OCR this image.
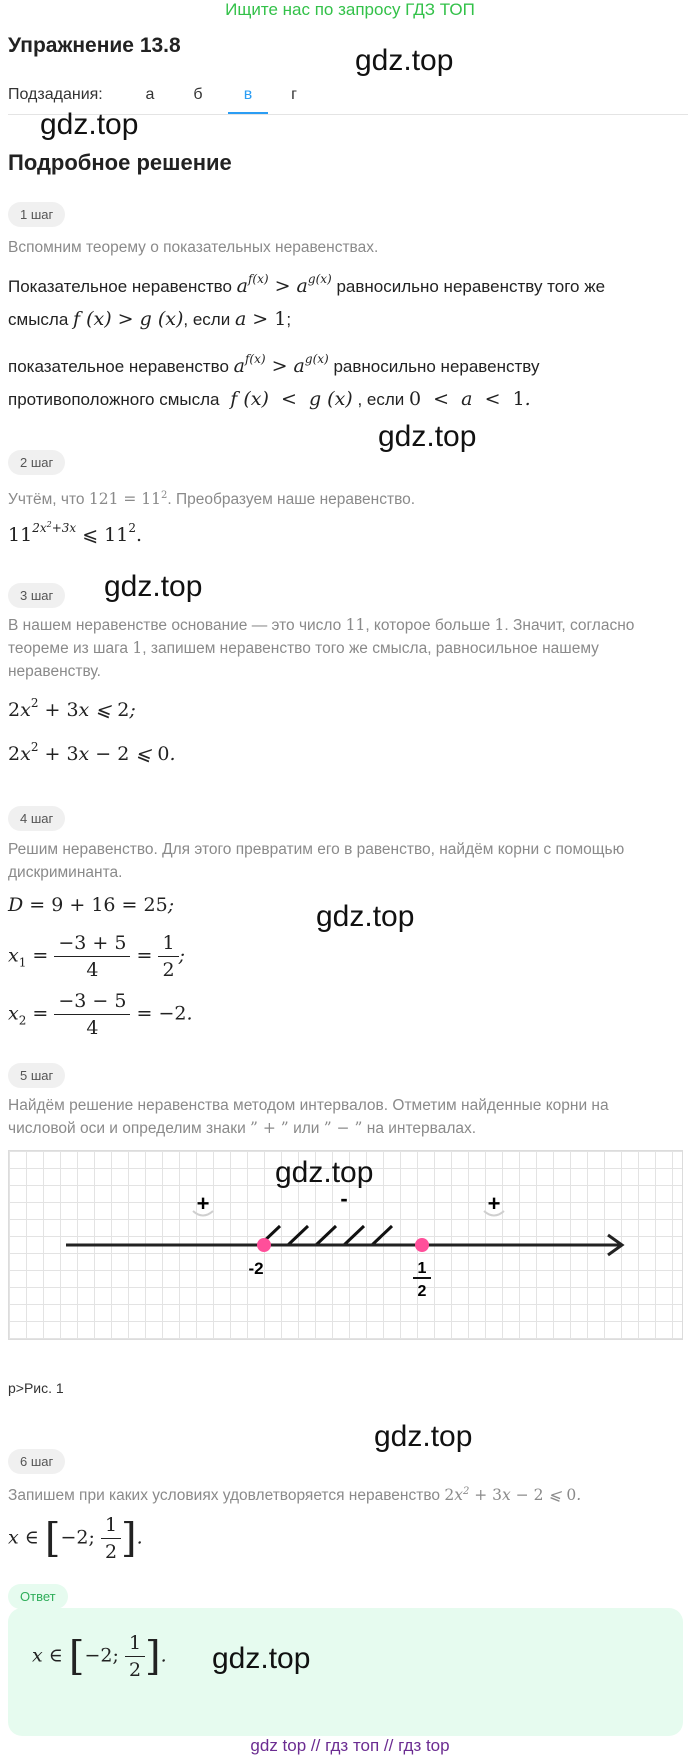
Ищите нас по запросу ГДЗ ТОП
Упражнение 13.8	gdz.top
Подзадания:	а	б	в	г
gdz.top
Подробное решение
1 шаг
Вспомним теорему о показательных неравенствах.
Показательное неравенство $a^{f(x)} > a^{g(x)}$ равносильно неравенству того же
смысла f (x) > g (x), если a > 1;
показательное неравенство $a^{f(x)} > a^{g(x)}$ равносильно неравенству
противоположного смысла  f (x)  <  g (x) , если 0  <  a  <  1.
gdz.top
2 шаг
Учтём, что $121 = 11^2$. Преобразуем наше неравенство.
$11^{2x^2+3x}$ ⩽ $11^2$.
3 шаг	gdz.top
В нашем неравенстве основание — это число 11, которое больше 1. Значит, согласно теореме из шага 1, запишем неравенство того же смысла, равносильное нашему неравенству.
$2x^2 + 3x$ ⩽ 2;
$2x^2 + 3x - 2$ ⩽ 0.
4 шаг
Решим неравенство. Для этого превратим его в равенство, найдём корни с помощью дискриминанта.
D = 9 + 16 = 25;	gdz.top
$x_1 = \frac{-3 + 5}{4} = \frac{1}{2}$ ;
$x_2 = \frac{-3 - 5}{4} = -2$.
5 шаг
Найдём решение неравенства методом интервалов. Отметим найденные корни на числовой оси и определим знаки ” + ” или ” − ” на интервалах.
gdz.top
+	-	+
-2	1
2
p>Рис. 1
gdz.top
6 шаг
Запишем при каких условиях удовлетворяется неравенство $2x^2 + 3x - 2$ ⩽ 0.
x ∈ [−2; $\frac{1}{2}$ ].
Ответ
x ∈ [−2; $\frac{1}{2}$ ]. gdz.top
gdz top // гдз топ // гдз top
